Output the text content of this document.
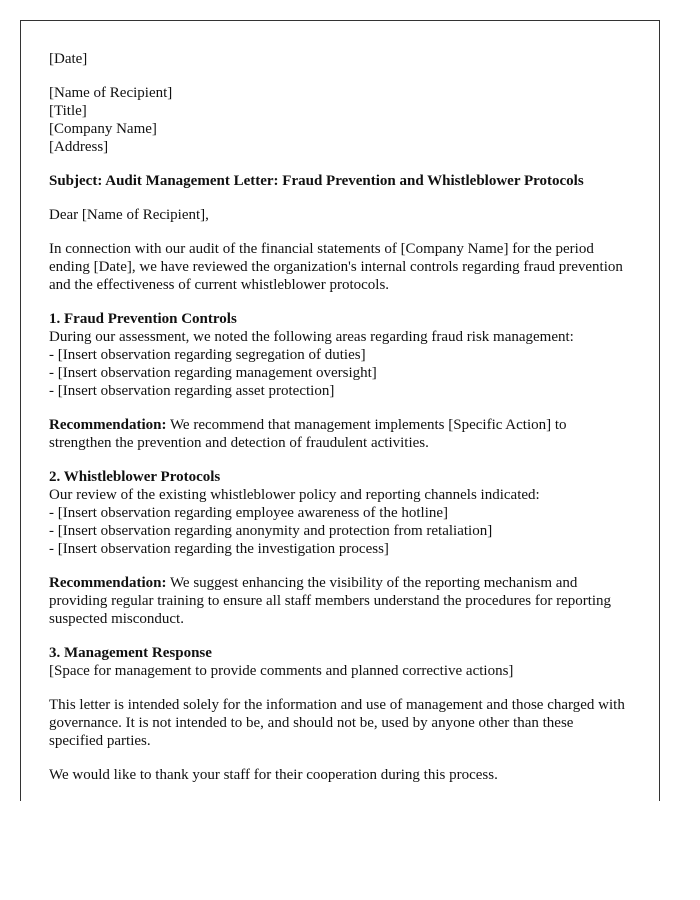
[Date]

[Name of Recipient]
[Title]
[Company Name]
[Address]

Subject: Audit Management Letter: Fraud Prevention and Whistleblower Protocols

Dear [Name of Recipient],

In connection with our audit of the financial statements of [Company Name] for the period ending [Date], we have reviewed the organization's internal controls regarding fraud prevention and the effectiveness of current whistleblower protocols.

1. Fraud Prevention Controls
During our assessment, we noted the following areas regarding fraud risk management:
- [Insert observation regarding segregation of duties]
- [Insert observation regarding management oversight]
- [Insert observation regarding asset protection]

Recommendation: We recommend that management implements [Specific Action] to strengthen the prevention and detection of fraudulent activities.

2. Whistleblower Protocols
Our review of the existing whistleblower policy and reporting channels indicated:
- [Insert observation regarding employee awareness of the hotline]
- [Insert observation regarding anonymity and protection from retaliation]
- [Insert observation regarding the investigation process]

Recommendation: We suggest enhancing the visibility of the reporting mechanism and providing regular training to ensure all staff members understand the procedures for reporting suspected misconduct.

3. Management Response
[Space for management to provide comments and planned corrective actions]

This letter is intended solely for the information and use of management and those charged with governance. It is not intended to be, and should not be, used by anyone other than these specified parties.

We would like to thank your staff for their cooperation during this process.
